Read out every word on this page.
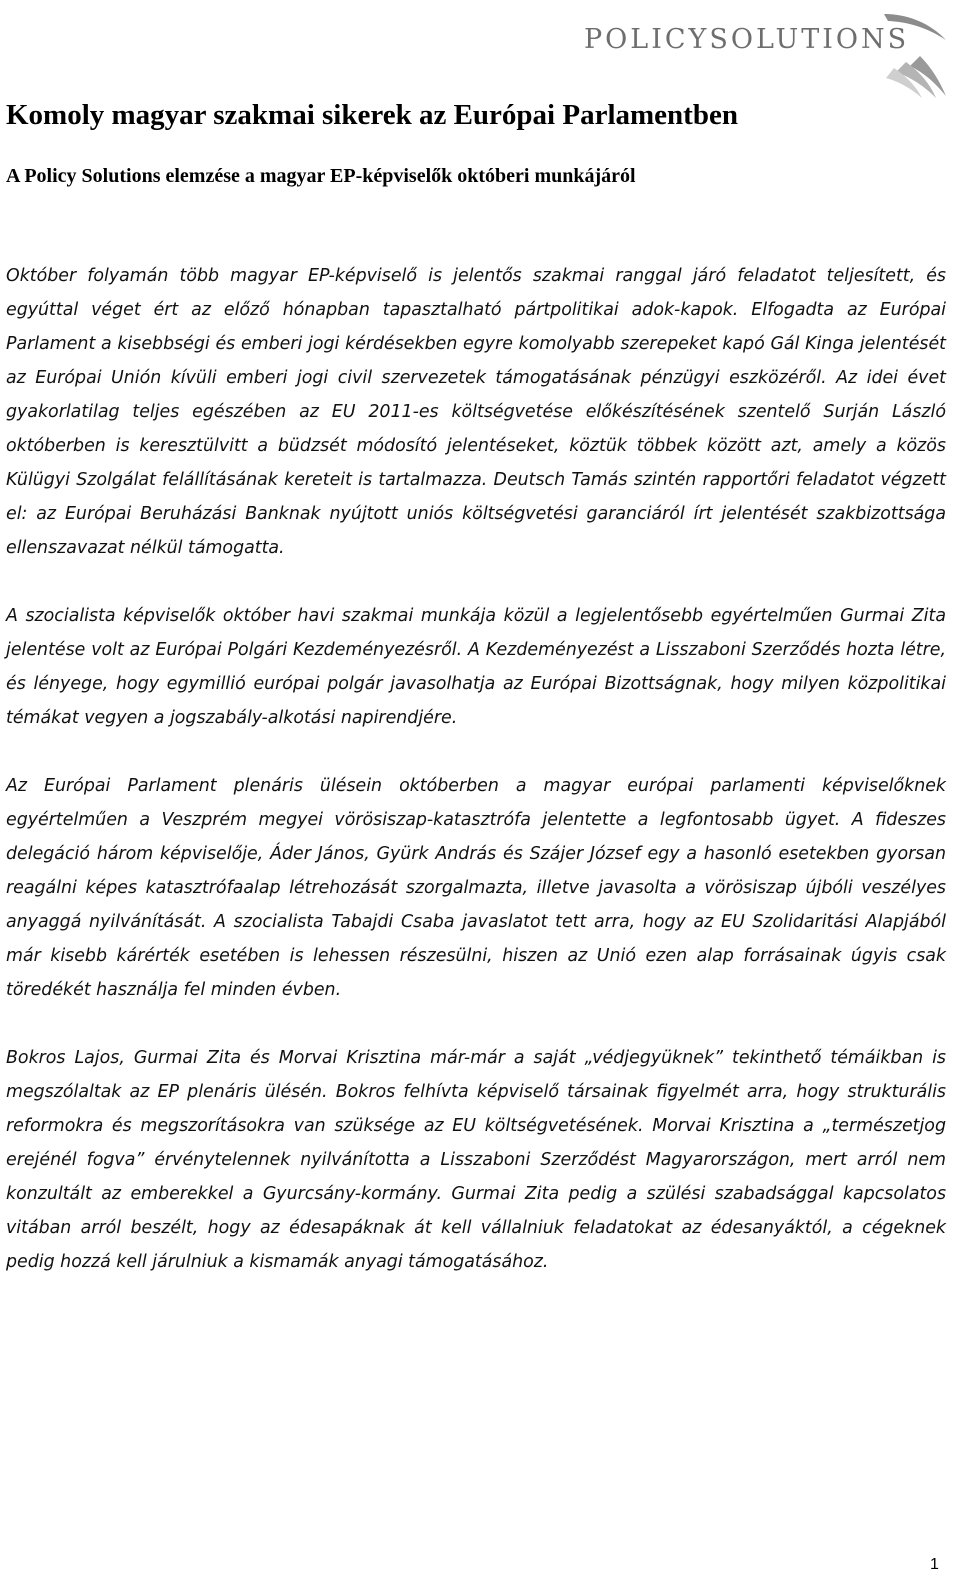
POLICYSOLUTIONS
Komoly magyar szakmai sikerek az Európai Parlamentben
A Policy Solutions elemzése a magyar EP-képviselők októberi munkájáról

Október folyamán több magyar EP-képviselő is jelentős szakmai ranggal járó feladatot teljesített, és egyúttal véget ért az előző hónapban tapasztalható pártpolitikai adok-kapok. Elfogadta az Európai Parlament a kisebbségi és emberi jogi kérdésekben egyre komolyabb szerepeket kapó Gál Kinga jelentését az Európai Unión kívüli emberi jogi civil szervezetek támogatásának pénzügyi eszközéről. Az idei évet gyakorlatilag teljes egészében az EU 2011-es költségvetése előkészítésének szentelő Surján László októberben is keresztülvitt a büdzsét módosító jelentéseket, köztük többek között azt, amely a közös Külügyi Szolgálat felállításának kereteit is tartalmazza. Deutsch Tamás szintén rapportőri feladatot végzett el: az Európai Beruházási Banknak nyújtott uniós költségvetési garanciáról írt jelentését szakbizottsága ellenszavazat nélkül támogatta.

A szocialista képviselők október havi szakmai munkája közül a legjelentősebb egyértelműen Gurmai Zita jelentése volt az Európai Polgári Kezdeményezésről. A Kezdeményezést a Lisszaboni Szerződés hozta létre, és lényege, hogy egymillió európai polgár javasolhatja az Európai Bizottságnak, hogy milyen közpolitikai témákat vegyen a jogszabály-alkotási napirendjére.

Az Európai Parlament plenáris ülésein októberben a magyar európai parlamenti képviselőknek egyértelműen a Veszprém megyei vörösiszap-katasztrófa jelentette a legfontosabb ügyet. A fideszes delegáció három képviselője, Áder János, Gyürk András és Szájer József egy a hasonló esetekben gyorsan reagálni képes katasztrófaalap létrehozását szorgalmazta, illetve javasolta a vörösiszap újbóli veszélyes anyaggá nyilvánítását. A szocialista Tabajdi Csaba javaslatot tett arra, hogy az EU Szolidaritási Alapjából már kisebb kárérték esetében is lehessen részesülni, hiszen az Unió ezen alap forrásainak úgyis csak töredékét használja fel minden évben.

Bokros Lajos, Gurmai Zita és Morvai Krisztina már-már a saját „védjegyüknek” tekinthető témáikban is megszólaltak az EP plenáris ülésén. Bokros felhívta képviselő társainak figyelmét arra, hogy strukturális reformokra és megszorításokra van szüksége az EU költségvetésének. Morvai Krisztina a „természetjog erejénél fogva” érvénytelennek nyilvánította a Lisszaboni Szerződést Magyarországon, mert arról nem konzultált az emberekkel a Gyurcsány-kormány. Gurmai Zita pedig a szülési szabadsággal kapcsolatos vitában arról beszélt, hogy az édesapáknak át kell vállalniuk feladatokat az édesanyáktól, a cégeknek pedig hozzá kell járulniuk a kismamák anyagi támogatásához.

1
